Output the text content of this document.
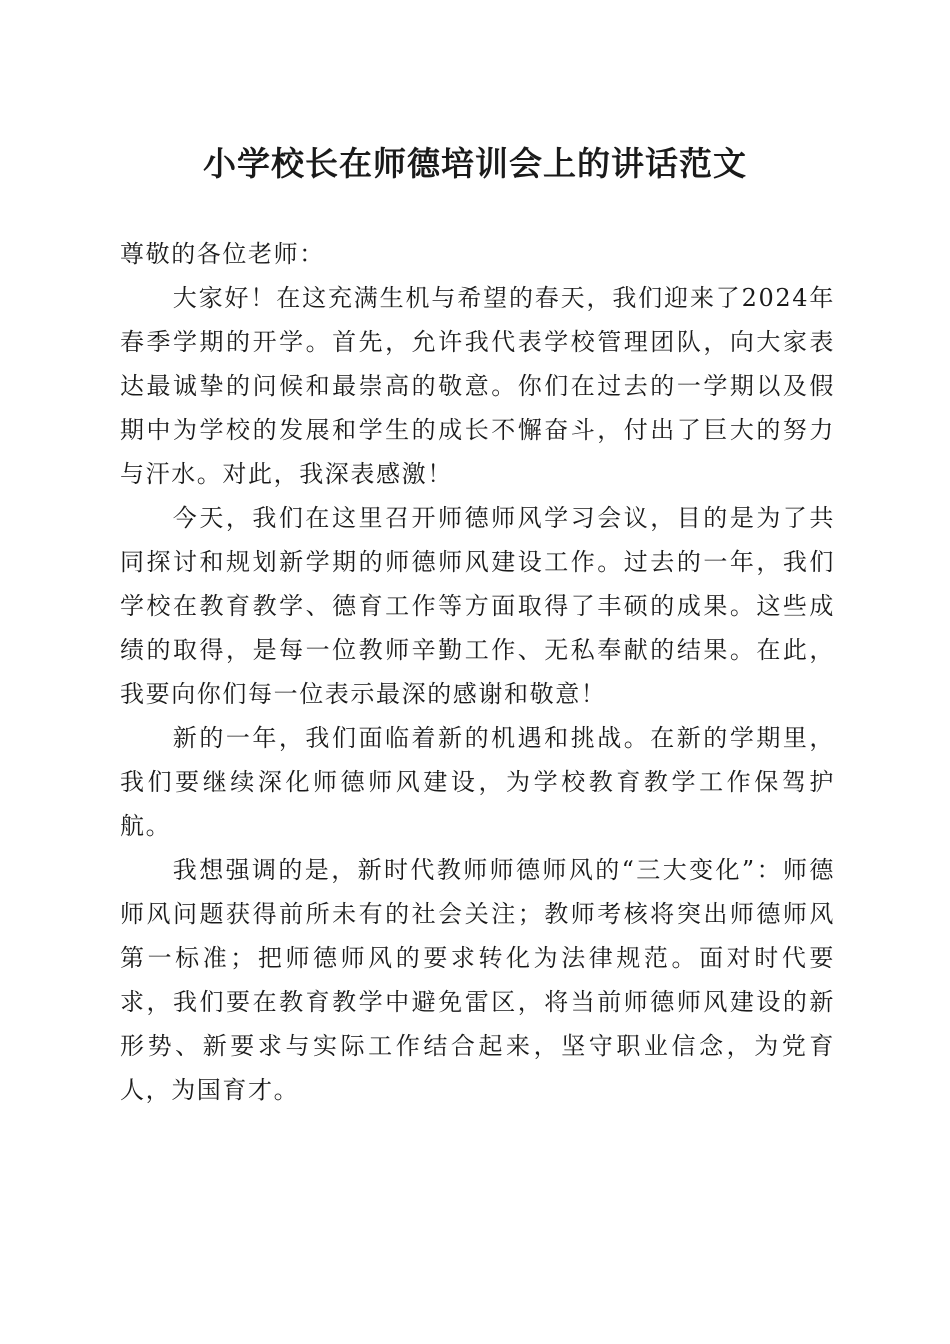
小学校长在师德培训会上的讲话范文

尊敬的各位老师：

大家好！在这充满生机与希望的春天，我们迎来了2024年春季学期的开学。首先，允许我代表学校管理团队，向大家表达最诚挚的问候和最崇高的敬意。你们在过去的一学期以及假期中为学校的发展和学生的成长不懈奋斗，付出了巨大的努力与汗水。对此，我深表感激！

今天，我们在这里召开师德师风学习会议，目的是为了共同探讨和规划新学期的师德师风建设工作。过去的一年，我们学校在教育教学、德育工作等方面取得了丰硕的成果。这些成绩的取得，是每一位教师辛勤工作、无私奉献的结果。在此，我要向你们每一位表示最深的感谢和敬意！

新的一年，我们面临着新的机遇和挑战。在新的学期里，我们要继续深化师德师风建设，为学校教育教学工作保驾护航。

我想强调的是，新时代教师师德师风的“三大变化”：师德师风问题获得前所未有的社会关注；教师考核将突出师德师风第一标准；把师德师风的要求转化为法律规范。面对时代要求，我们要在教育教学中避免雷区，将当前师德师风建设的新形势、新要求与实际工作结合起来，坚守职业信念，为党育人，为国育才。
